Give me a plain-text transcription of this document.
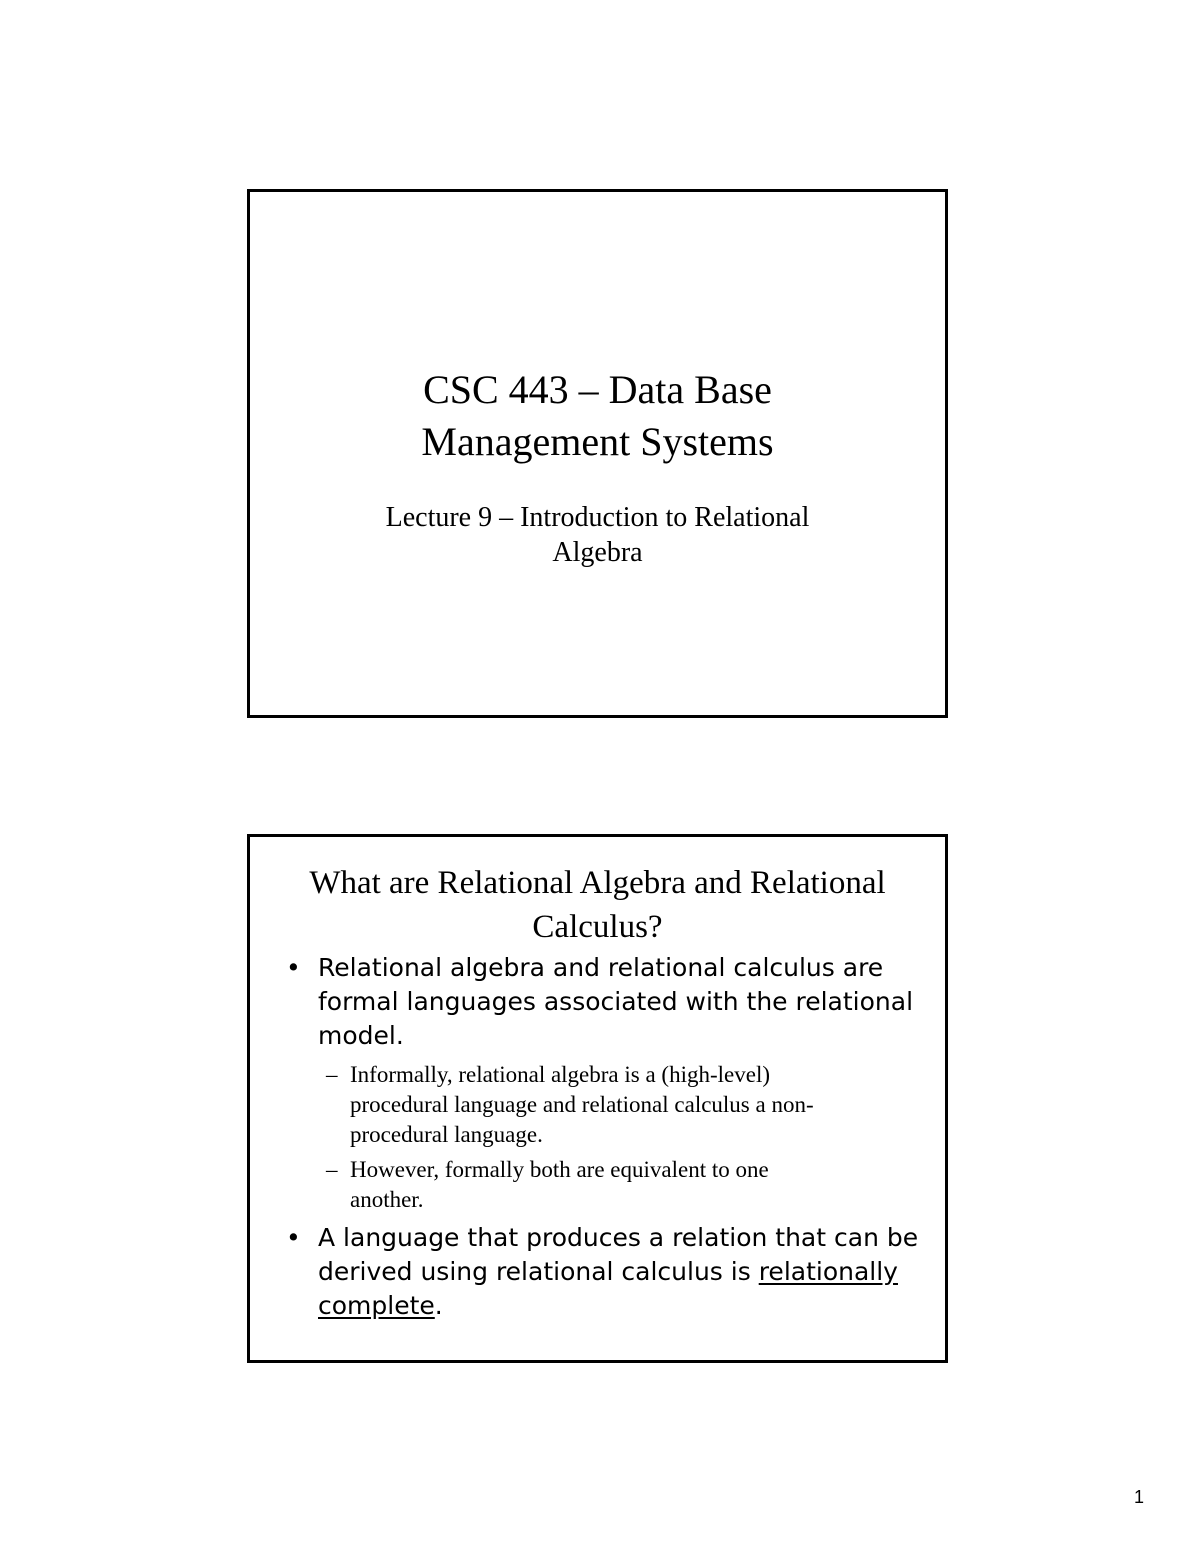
CSC 443 – Data Base
Management Systems
Lecture 9 – Introduction to Relational
Algebra
What are Relational Algebra and Relational
Calculus?
• Relational algebra and relational calculus are
formal languages associated with the relational
model.
– Informally, relational algebra is a (high-level)
procedural language and relational calculus a non-
procedural language.
– However, formally both are equivalent to one
another.
• A language that produces a relation that can be
derived using relational calculus is relationally
complete.
1
